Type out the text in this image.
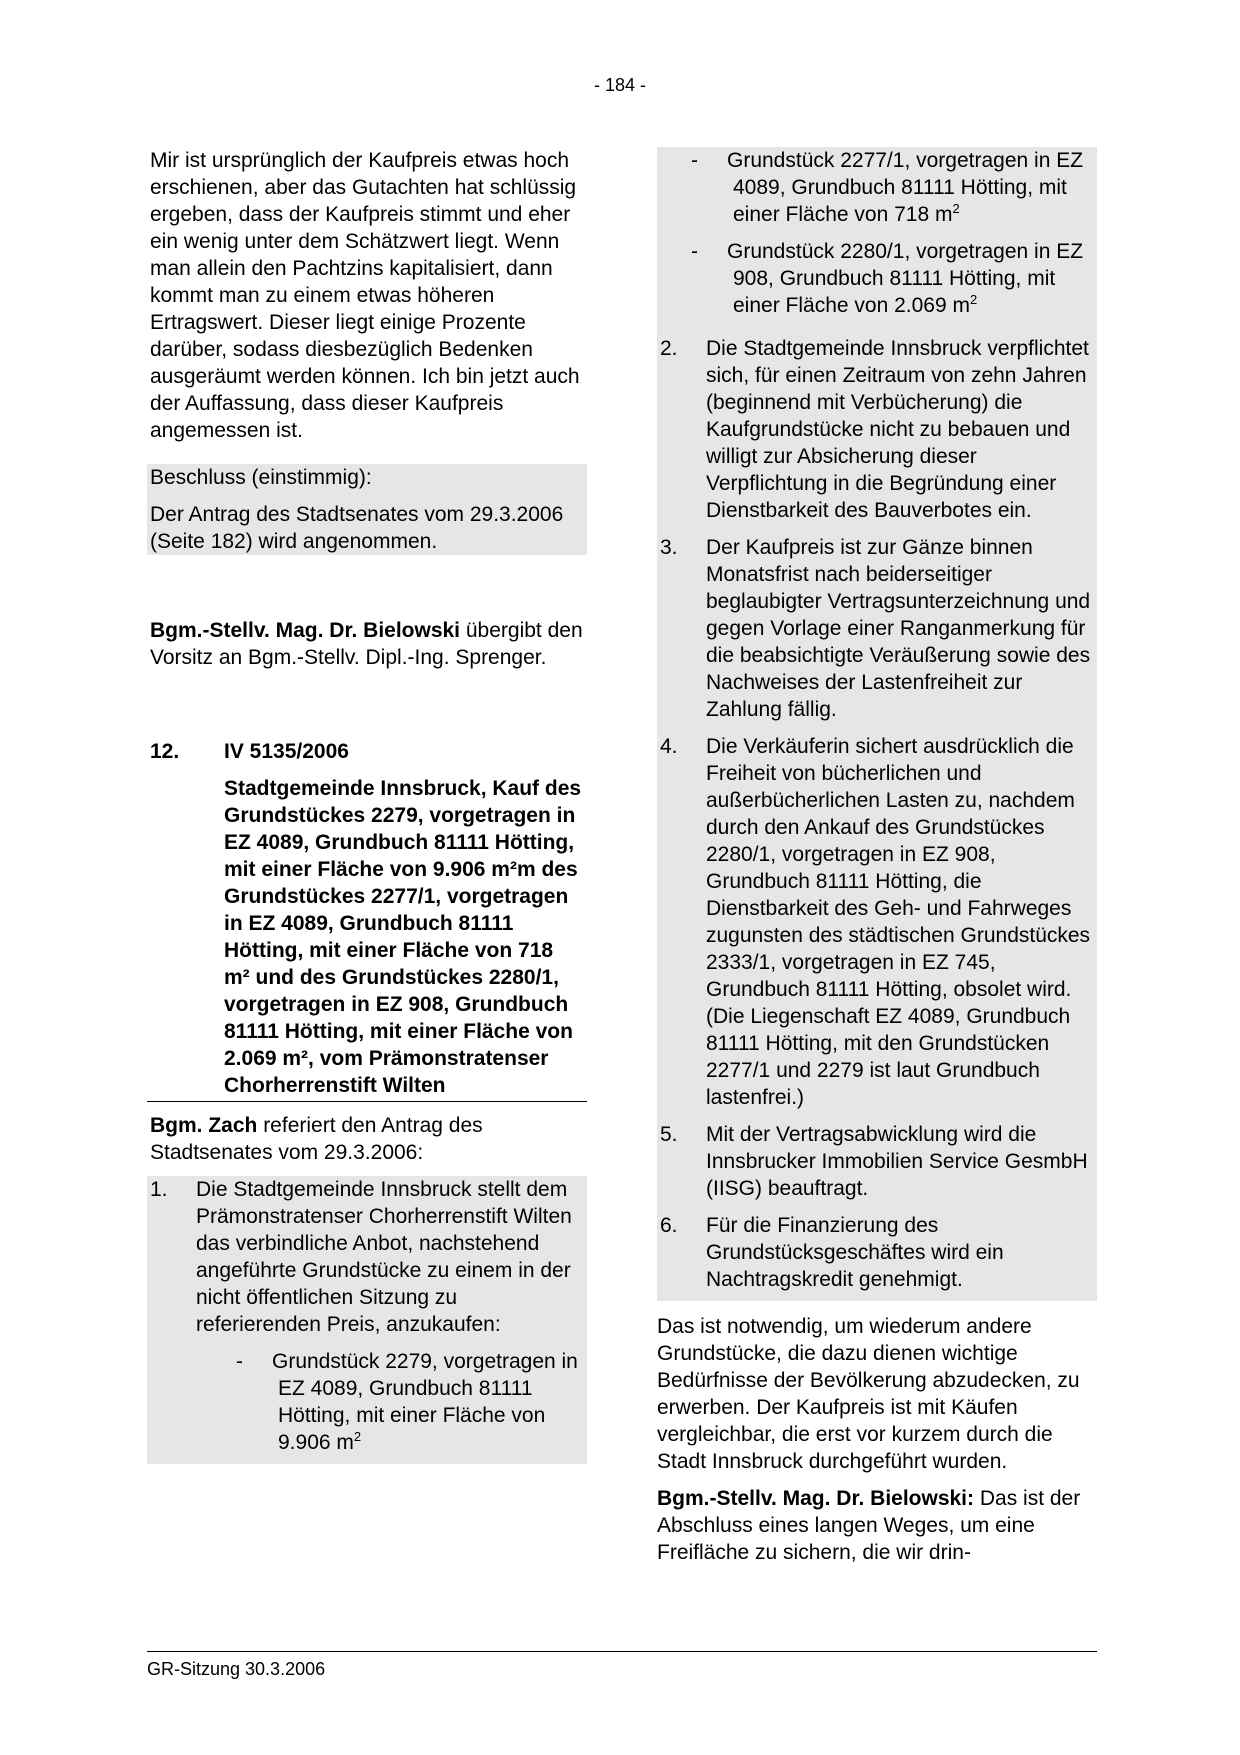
- 184 -

Mir ist ursprünglich der Kaufpreis etwas hoch erschienen, aber das Gutachten hat schlüssig ergeben, dass der Kaufpreis stimmt und eher ein wenig unter dem Schätzwert liegt. Wenn man allein den Pachtzins kapitalisiert, dann kommt man zu einem etwas höheren Ertragswert. Dieser liegt einige Prozente darüber, sodass diesbezüglich Bedenken ausgeräumt werden können. Ich bin jetzt auch der Auffassung, dass dieser Kaufpreis angemessen ist.

Beschluss (einstimmig):

Der Antrag des Stadtsenates vom 29.3.2006 (Seite 182) wird angenommen.

Bgm.-Stellv. Mag. Dr. Bielowski übergibt den Vorsitz an Bgm.-Stellv. Dipl.-Ing. Sprenger.

12.	IV 5135/2006

Stadtgemeinde Innsbruck, Kauf des Grundstückes 2279, vorgetragen in EZ 4089, Grundbuch 81111 Hötting, mit einer Fläche von 9.906 m²m des Grundstückes 2277/1, vorgetragen in EZ 4089, Grundbuch 81111 Hötting, mit einer Fläche von 718 m² und des Grundstückes 2280/1, vorgetragen in EZ 908, Grundbuch 81111 Hötting, mit einer Fläche von 2.069 m², vom Prämonstratenser Chorherrenstift Wilten

Bgm. Zach referiert den Antrag des Stadtsenates vom 29.3.2006:

1.	Die Stadtgemeinde Innsbruck stellt dem Prämonstratenser Chorherrenstift Wilten das verbindliche Anbot, nachstehend angeführte Grundstücke zu einem in der nicht öffentlichen Sitzung zu referierenden Preis, anzukaufen:

-	Grundstück 2279, vorgetragen in EZ 4089, Grundbuch 81111 Hötting, mit einer Fläche von 9.906 $m^2$

-	Grundstück 2277/1, vorgetragen in EZ 4089, Grundbuch 81111 Hötting, mit einer Fläche von 718 $m^2$

-	Grundstück 2280/1, vorgetragen in EZ 908, Grundbuch 81111 Hötting, mit einer Fläche von 2.069 $m^2$

2.	Die Stadtgemeinde Innsbruck verpflichtet sich, für einen Zeitraum von zehn Jahren (beginnend mit Verbücherung) die Kaufgrundstücke nicht zu bebauen und willigt zur Absicherung dieser Verpflichtung in die Begründung einer Dienstbarkeit des Bauverbotes ein.

3.	Der Kaufpreis ist zur Gänze binnen Monatsfrist nach beiderseitiger beglaubigter Vertragsunterzeichnung und gegen Vorlage einer Ranganmerkung für die beabsichtigte Veräußerung sowie des Nachweises der Lastenfreiheit zur Zahlung fällig.

4.	Die Verkäuferin sichert ausdrücklich die Freiheit von bücherlichen und außerbücherlichen Lasten zu, nachdem durch den Ankauf des Grundstückes 2280/1, vorgetragen in EZ 908, Grundbuch 81111 Hötting, die Dienstbarkeit des Geh- und Fahrweges zugunsten des städtischen Grundstückes 2333/1, vorgetragen in EZ 745, Grundbuch 81111 Hötting, obsolet wird. (Die Liegenschaft EZ 4089, Grundbuch 81111 Hötting, mit den Grundstücken 2277/1 und 2279 ist laut Grundbuch lastenfrei.)

5.	Mit der Vertragsabwicklung wird die Innsbrucker Immobilien Service GesmbH (IISG) beauftragt.

6.	Für die Finanzierung des Grundstücksgeschäftes wird ein Nachtragskredit genehmigt.

Das ist notwendig, um wiederum andere Grundstücke, die dazu dienen wichtige Bedürfnisse der Bevölkerung abzudecken, zu erwerben. Der Kaufpreis ist mit Käufen vergleichbar, die erst vor kurzem durch die Stadt Innsbruck durchgeführt wurden.

Bgm.-Stellv. Mag. Dr. Bielowski: Das ist der Abschluss eines langen Weges, um eine Freifläche zu sichern, die wir drin-

GR-Sitzung 30.3.2006
